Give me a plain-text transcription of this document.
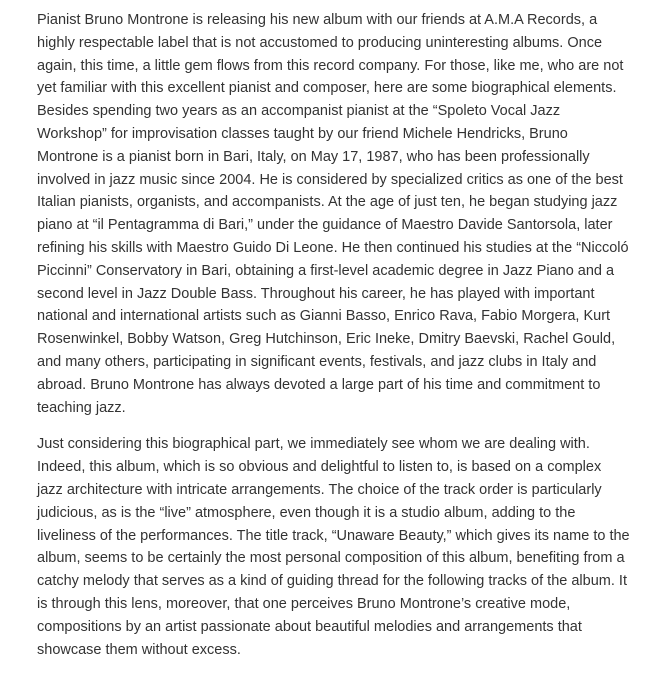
Pianist Bruno Montrone is releasing his new album with our friends at A.M.A Records, a
highly respectable label that is not accustomed to producing uninteresting albums. Once
again, this time, a little gem flows from this record company. For those, like me, who are not
yet familiar with this excellent pianist and composer, here are some biographical elements.
Besides spending two years as an accompanist pianist at the “Spoleto Vocal Jazz
Workshop” for improvisation classes taught by our friend Michele Hendricks, Bruno
Montrone is a pianist born in Bari, Italy, on May 17, 1987, who has been professionally
involved in jazz music since 2004. He is considered by specialized critics as one of the best
Italian pianists, organists, and accompanists. At the age of just ten, he began studying jazz
piano at “il Pentagramma di Bari,” under the guidance of Maestro Davide Santorsola, later
refining his skills with Maestro Guido Di Leone. He then continued his studies at the “Niccoló
Piccinni” Conservatory in Bari, obtaining a first-level academic degree in Jazz Piano and a
second level in Jazz Double Bass. Throughout his career, he has played with important
national and international artists such as Gianni Basso, Enrico Rava, Fabio Morgera, Kurt
Rosenwinkel, Bobby Watson, Greg Hutchinson, Eric Ineke, Dmitry Baevski, Rachel Gould,
and many others, participating in significant events, festivals, and jazz clubs in Italy and
abroad. Bruno Montrone has always devoted a large part of his time and commitment to
teaching jazz.

Just considering this biographical part, we immediately see whom we are dealing with.
Indeed, this album, which is so obvious and delightful to listen to, is based on a complex
jazz architecture with intricate arrangements. The choice of the track order is particularly
judicious, as is the “live” atmosphere, even though it is a studio album, adding to the
liveliness of the performances. The title track, “Unaware Beauty,” which gives its name to the
album, seems to be certainly the most personal composition of this album, benefiting from a
catchy melody that serves as a kind of guiding thread for the following tracks of the album. It
is through this lens, moreover, that one perceives Bruno Montrone’s creative mode,
compositions by an artist passionate about beautiful melodies and arrangements that
showcase them without excess.
